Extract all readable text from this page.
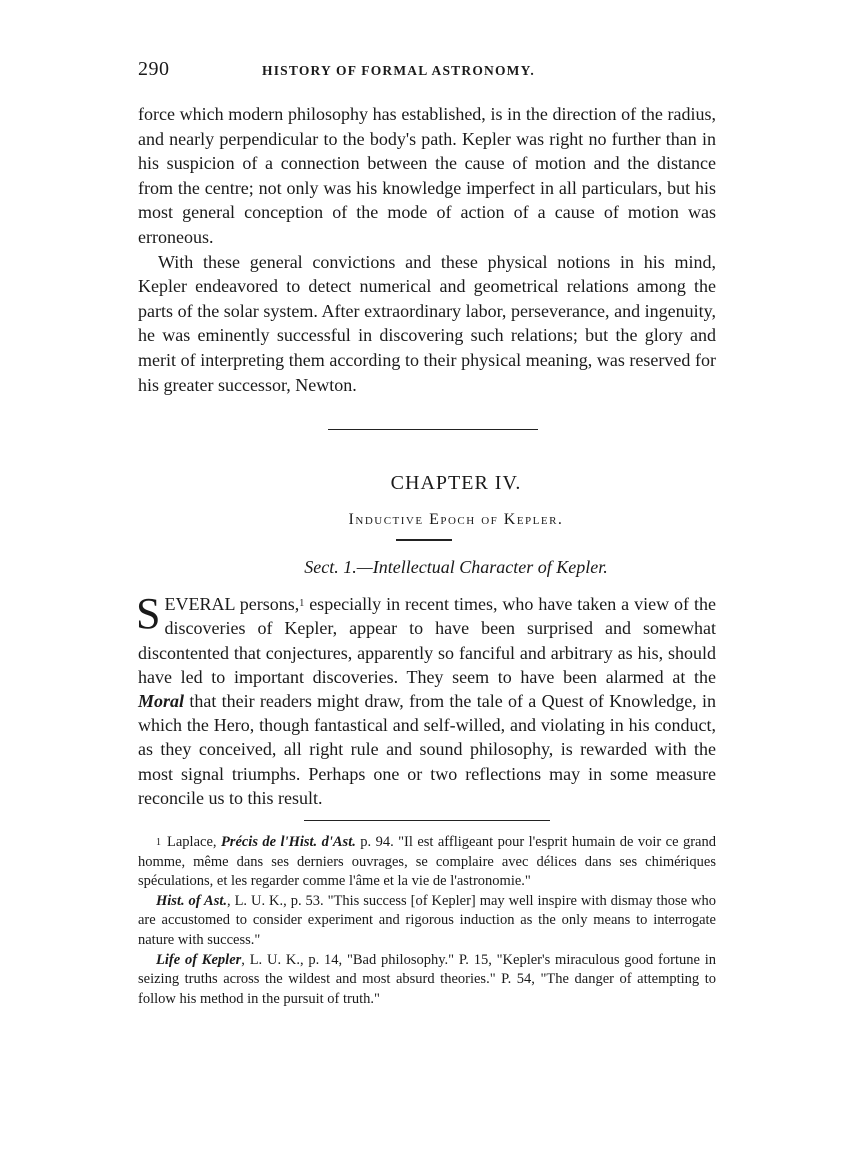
290	HISTORY OF FORMAL ASTRONOMY.

force which modern philosophy has established, is in the direction of the radius, and nearly perpendicular to the body's path. Kepler was right no further than in his suspicion of a connection between the cause of motion and the distance from the centre; not only was his knowledge imperfect in all particulars, but his most general conception of the mode of action of a cause of motion was erroneous.

With these general convictions and these physical notions in his mind, Kepler endeavored to detect numerical and geometrical relations among the parts of the solar system. After extraordinary labor, perseverance, and ingenuity, he was eminently successful in discovering such relations; but the glory and merit of interpreting them according to their physical meaning, was reserved for his greater successor, Newton.

CHAPTER IV.
Inductive Epoch of Kepler.
Sect. 1.—Intellectual Character of Kepler.
SEVERAL persons,$^1$ especially in recent times, who have taken a view of the discoveries of Kepler, appear to have been surprised and somewhat discontented that conjectures, apparently so fanciful and arbitrary as his, should have led to important discoveries. They seem to have been alarmed at the Moral that their readers might draw, from the tale of a Quest of Knowledge, in which the Hero, though fantastical and self-willed, and violating in his conduct, as they conceived, all right rule and sound philosophy, is rewarded with the most signal triumphs. Perhaps one or two reflections may in some measure reconcile us to this result.

$^1$ Laplace, Précis de l'Hist. d'Ast. p. 94. "Il est affligeant pour l'esprit humain de voir ce grand homme, même dans ses derniers ouvrages, se complaire avec délices dans ses chimériques spéculations, et les regarder comme l'âme et la vie de l'astronomie."

Hist. of Ast., L. U. K., p. 53. "This success [of Kepler] may well inspire with dismay those who are accustomed to consider experiment and rigorous induction as the only means to interrogate nature with success."

Life of Kepler, L. U. K., p. 14, "Bad philosophy." P. 15, "Kepler's miraculous good fortune in seizing truths across the wildest and most absurd theories." P. 54, "The danger of attempting to follow his method in the pursuit of truth."
